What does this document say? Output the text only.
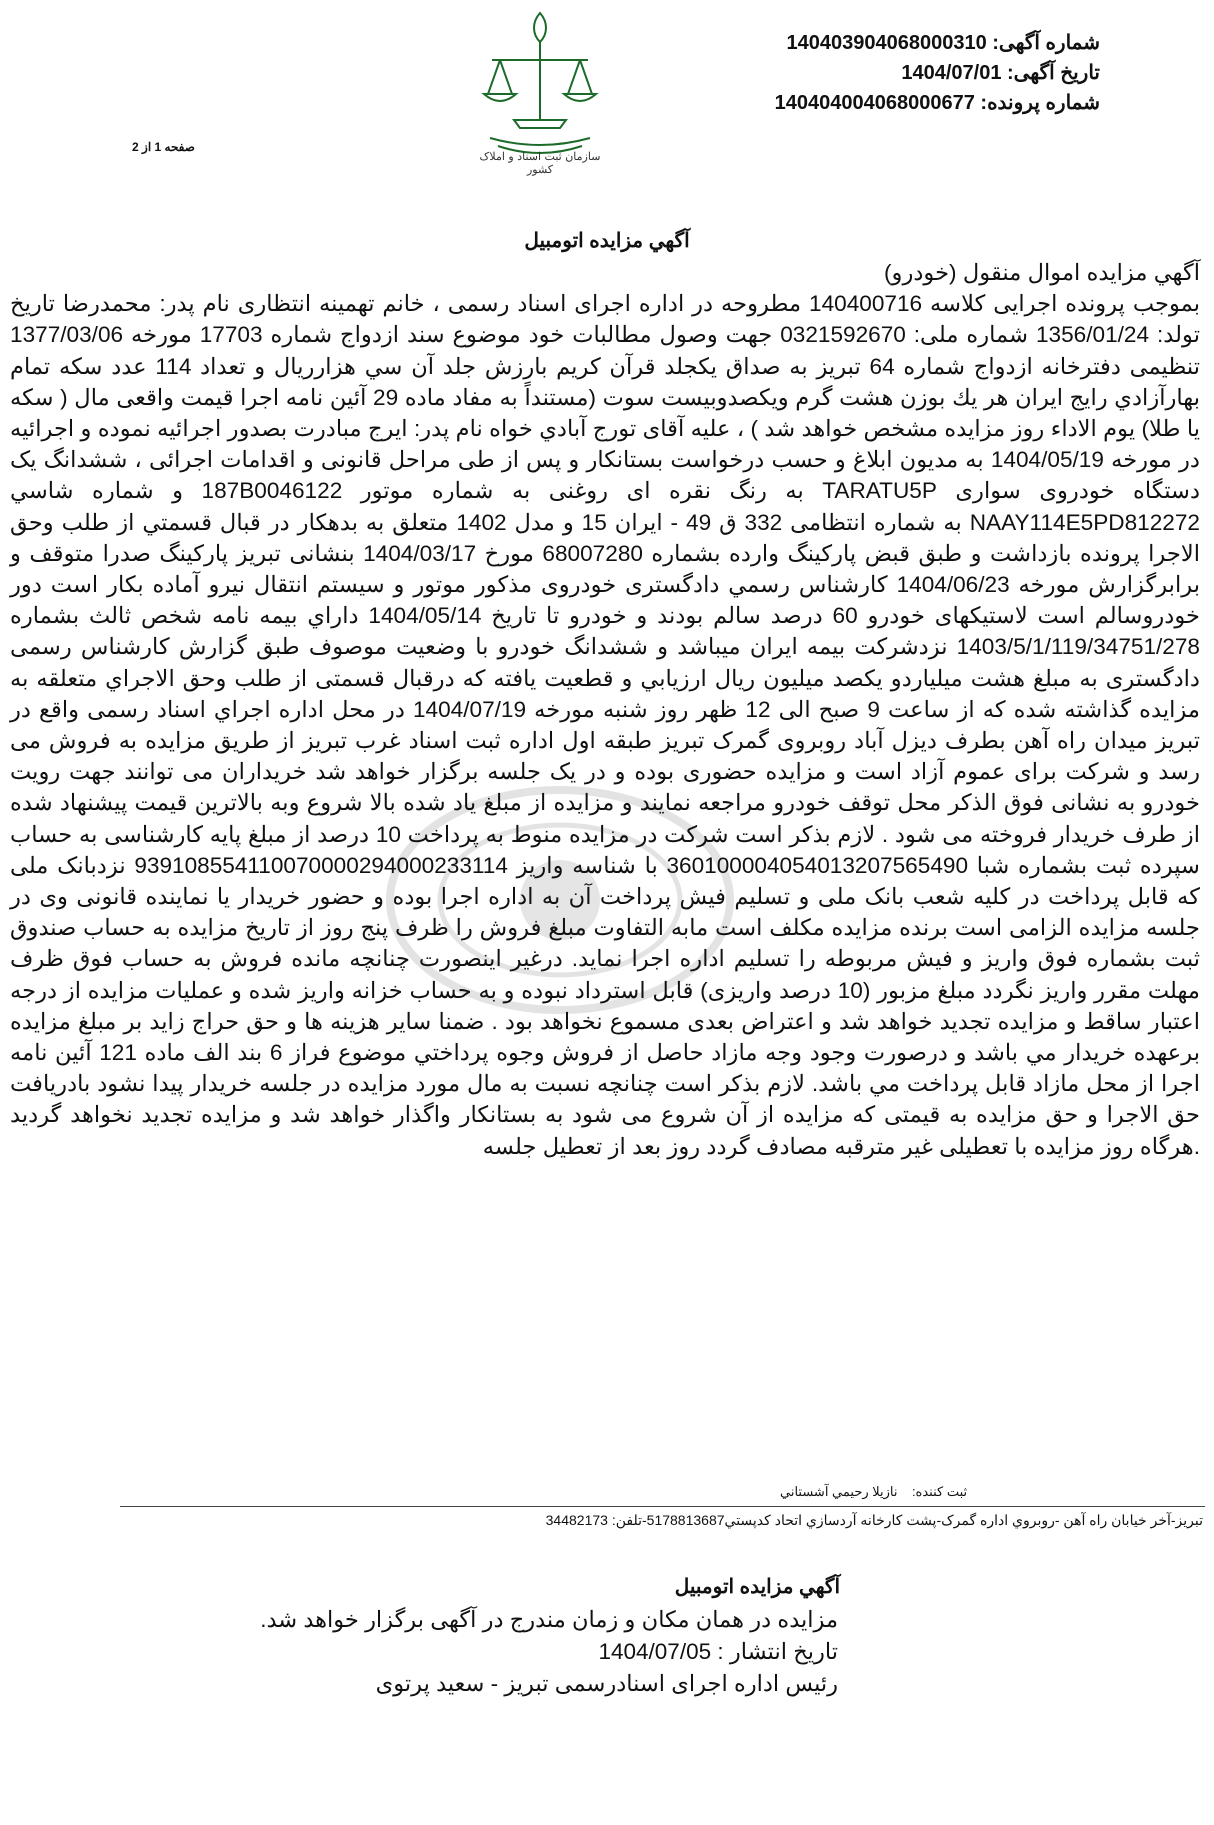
سازمان ثبت اسناد و املاک کشور
شماره آگهی: 140403904068000310
تاریخ آگهی: 1404/07/01
شماره پرونده: 140404004068000677
صفحه 1 از 2
آگهي مزايده اتومبيل

آگهي مزايده اموال منقول (خودرو)

بموجب پرونده اجرایی کلاسه 140400716 مطروحه در اداره اجرای اسناد رسمی ، خانم تهمینه انتظاری نام پدر: محمدرضا تاریخ تولد: 1356/01/24 شماره ملی: 0321592670 جهت وصول مطالبات خود موضوع سند ازدواج شماره 17703 مورخه 1377/03/06 تنظیمی دفترخانه ازدواج شماره 64 تبریز به صداق یکجلد قرآن کریم بارزش جلد آن سي هزارريال و تعداد 114 عدد سكه تمام بهارآزادي رايج ايران هر يك بوزن هشت گرم ويكصدوبيست سوت (مستنداً به مفاد ماده 29 آئين نامه اجرا قيمت واقعی مال ( سكه يا طلا) يوم الاداء روز مزايده مشخص خواهد شد ) ، علیه آقای تورج آبادي خواه نام پدر: ایرج مبادرت بصدور اجرائیه نموده و اجرائیه در مورخه 1404/05/19 به مدیون ابلاغ و حسب درخواست بستانکار و پس از طی مراحل قانونی و اقدامات اجرائی ، ششدانگ یک دستگاه خودروی سواری TARATU5P به رنگ نقره ای روغنی به شماره موتور 187B0046122 و شماره شاسي NAAY114E5PD812272 به شماره انتظامی 332 ق 49 - ایران 15 و مدل 1402 متعلق به بدهکار در قبال قسمتي از طلب وحق الاجرا پرونده بازداشت و طبق قبض پارکینگ وارده بشماره 68007280 مورخ 1404/03/17 بنشانی تبریز پارکینگ صدرا متوقف و برابرگزارش مورخه 1404/06/23 کارشناس رسمي دادگستری خودروی مذکور موتور و سیستم انتقال نیرو آماده بکار است دور خودروسالم است لاستیکهای خودرو 60 درصد سالم بودند و خودرو تا تاریخ 1404/05/14 داراي بیمه نامه شخص ثالث بشماره 1403/5/1/119/34751/278 نزدشرکت بیمه ایران میباشد و ششدانگ خودرو با وضعیت موصوف طبق گزارش کارشناس رسمی دادگستری به مبلغ هشت میلیاردو یکصد میلیون ریال ارزیابي و قطعیت یافته که درقبال قسمتی از طلب وحق الاجراي متعلقه به مزایده گذاشته شده که از ساعت 9 صبح الی 12 ظهر روز شنبه مورخه 1404/07/19 در محل اداره اجراي اسناد رسمی واقع در تبریز میدان راه آهن بطرف دیزل آباد روبروی گمرک تبریز طبقه اول اداره ثبت اسناد غرب تبریز از طریق مزایده به فروش می رسد و شرکت برای عموم آزاد است و مزایده حضوری بوده و در یک جلسه برگزار خواهد شد خریداران می توانند جهت رویت خودرو به نشانی فوق الذکر محل توقف خودرو مراجعه نمایند و مزایده از مبلغ یاد شده بالا شروع وبه بالاترین قیمت پیشنهاد شده از طرف خریدار فروخته می شود . لازم بذکر است شرکت در مزایده منوط به پرداخت 10 درصد از مبلغ پایه کارشناسی به حساب سپرده ثبت بشماره شبا 360100004054013207565490 با شناسه واریز 939108554110070000294000233114 نزدبانک ملی که قابل پرداخت در کلیه شعب بانک ملی و تسلیم فیش پرداخت آن به اداره اجرا بوده و حضور خریدار یا نماینده قانونی وی در جلسه مزایده الزامی است برنده مزایده مکلف است مابه التفاوت مبلغ فروش را ظرف پنج روز از تاریخ مزایده به حساب صندوق ثبت بشماره فوق واریز و فیش مربوطه را تسلیم اداره اجرا نماید. درغیر اینصورت چنانچه مانده فروش به حساب فوق ظرف مهلت مقرر واریز نگردد مبلغ مزبور (10 درصد واریزی) قابل استرداد نبوده و به حساب خزانه واریز شده و عملیات مزایده از درجه اعتبار ساقط و مزایده تجدید خواهد شد و اعتراض بعدی مسموع نخواهد بود . ضمنا سایر هزینه ها و حق حراج زاید بر مبلغ مزایده برعهده خریدار مي باشد و درصورت وجود وجه مازاد حاصل از فروش وجوه پرداختي موضوع فراز 6 بند الف ماده 121 آئين نامه اجرا از محل مازاد قابل پرداخت مي باشد. لازم بذکر است چنانچه نسبت به مال مورد مزایده در جلسه خریدار پیدا نشود بادریافت حق الاجرا و حق مزایده به قیمتی که مزایده از آن شروع می شود به بستانکار واگذار خواهد شد و مزایده تجدید نخواهد گردید .هرگاه روز مزایده با تعطیلی غیر مترقبه مصادف گردد روز بعد از تعطیل جلسه

ثبت كننده:    نازيلا رحيمي آشستاني
تبریز-آخر خیابان راه آهن -روبروي اداره گمرک-پشت کارخانه آردسازي اتحاد کدپستي5178813687-تلفن: 34482173
آگهي مزايده اتومبيل
مزایده در همان مکان و زمان مندرج در آگهی برگزار خواهد شد.
تاریخ انتشار : 1404/07/05
رئیس اداره اجرای اسنادرسمی تبریز - سعید پرتوی
